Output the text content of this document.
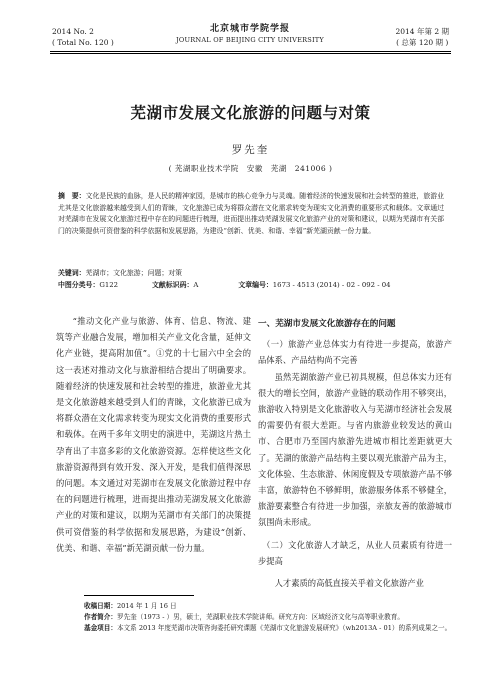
2014 No. 2
( Total No. 120 )
北京城市学院学报
JOURNAL OF BEIJING CITY UNIVERSITY
2014 年第 2 期
( 总第 120 期 )
芜湖市发展文化旅游的问题与对策
罗先奎
( 芜湖职业技术学院　安徽　芜湖　241006 )
摘　要：文化是民族的血脉，是人民的精神家园，是城市的核心竞争力与灵魂。随着经济的快速发展和社会转型的推进，旅游业尤其是文化旅游越来越受到人们的青睐，文化旅游已成为将群众潜在文化需求转变为现实文化消费的重要形式和载体。文章通过对芜湖市在发展文化旅游过程中存在的问题进行梳理，进而提出推动芜湖发展文化旅游产业的对策和建议，以期为芜湖市有关部门的决策提供可资借鉴的科学依据和发展思路，为建设“创新、优美、和谐、幸福”新芜湖贡献一份力量。
关键词：芜湖市；文化旅游；问题；对策
中图分类号：G122	文献标识码：A	文章编号：1673 - 4513 (2014) - 02 - 092 - 04
“推动文化产业与旅游、体育、信息、物流、建筑等产业融合发展，增加相关产业文化含量，延伸文化产业链，提高附加值”。①党的十七届六中全会的这一表述对推动文化与旅游相结合提出了明确要求。随着经济的快速发展和社会转型的推进，旅游业尤其是文化旅游越来越受到人们的青睐，文化旅游已成为将群众潜在文化需求转变为现实文化消费的重要形式和载体。在两千多年文明史的演进中，芜湖这片热土孕育出了丰富多彩的文化旅游资源。怎样使这些文化旅游资源得到有效开发、深入开发，是我们值得深思的问题。本文通过对芜湖市在发展文化旅游过程中存在的问题进行梳理，进而提出推动芜湖发展文化旅游产业的对策和建议，以期为芜湖市有关部门的决策提供可资借鉴的科学依据和发展思路，为建设“创新、优美、和谐、幸福”新芜湖贡献一份力量。
一、芜湖市发展文化旅游存在的问题
（一）旅游产业总体实力有待进一步提高，旅游产品体系、产品结构尚不完善
虽然芜湖旅游产业已初具规模，但总体实力还有很大的增长空间，旅游产业链的联动作用不够突出，旅游收入特别是文化旅游收入与芜湖市经济社会发展的需要仍有很大差距。与省内旅游业较发达的黄山市、合肥市乃至国内旅游先进城市相比差距就更大了。芜湖的旅游产品结构主要以观光旅游产品为主，文化体验、生态旅游、休闲度假及专项旅游产品不够丰富，旅游特色不够鲜明，旅游服务体系不够健全，旅游要素整合有待进一步加强，亲旅友善的旅游城市氛围尚未形成。
（二）文化旅游人才缺乏，从业人员素质有待进一步提高
人才素质的高低直接关乎着文化旅游产业
收稿日期：2014 年 1 月 16 日
作者简介：罗先奎（1973 - ）男，硕士，芜湖职业技术学院讲师。研究方向：区域经济文化与高等职业教育。
基金项目：本文系 2013 年度芜湖市决策咨询委托研究课题《芜湖市文化旅游发展研究》（wh2013A - 01）的系列成果之一。
